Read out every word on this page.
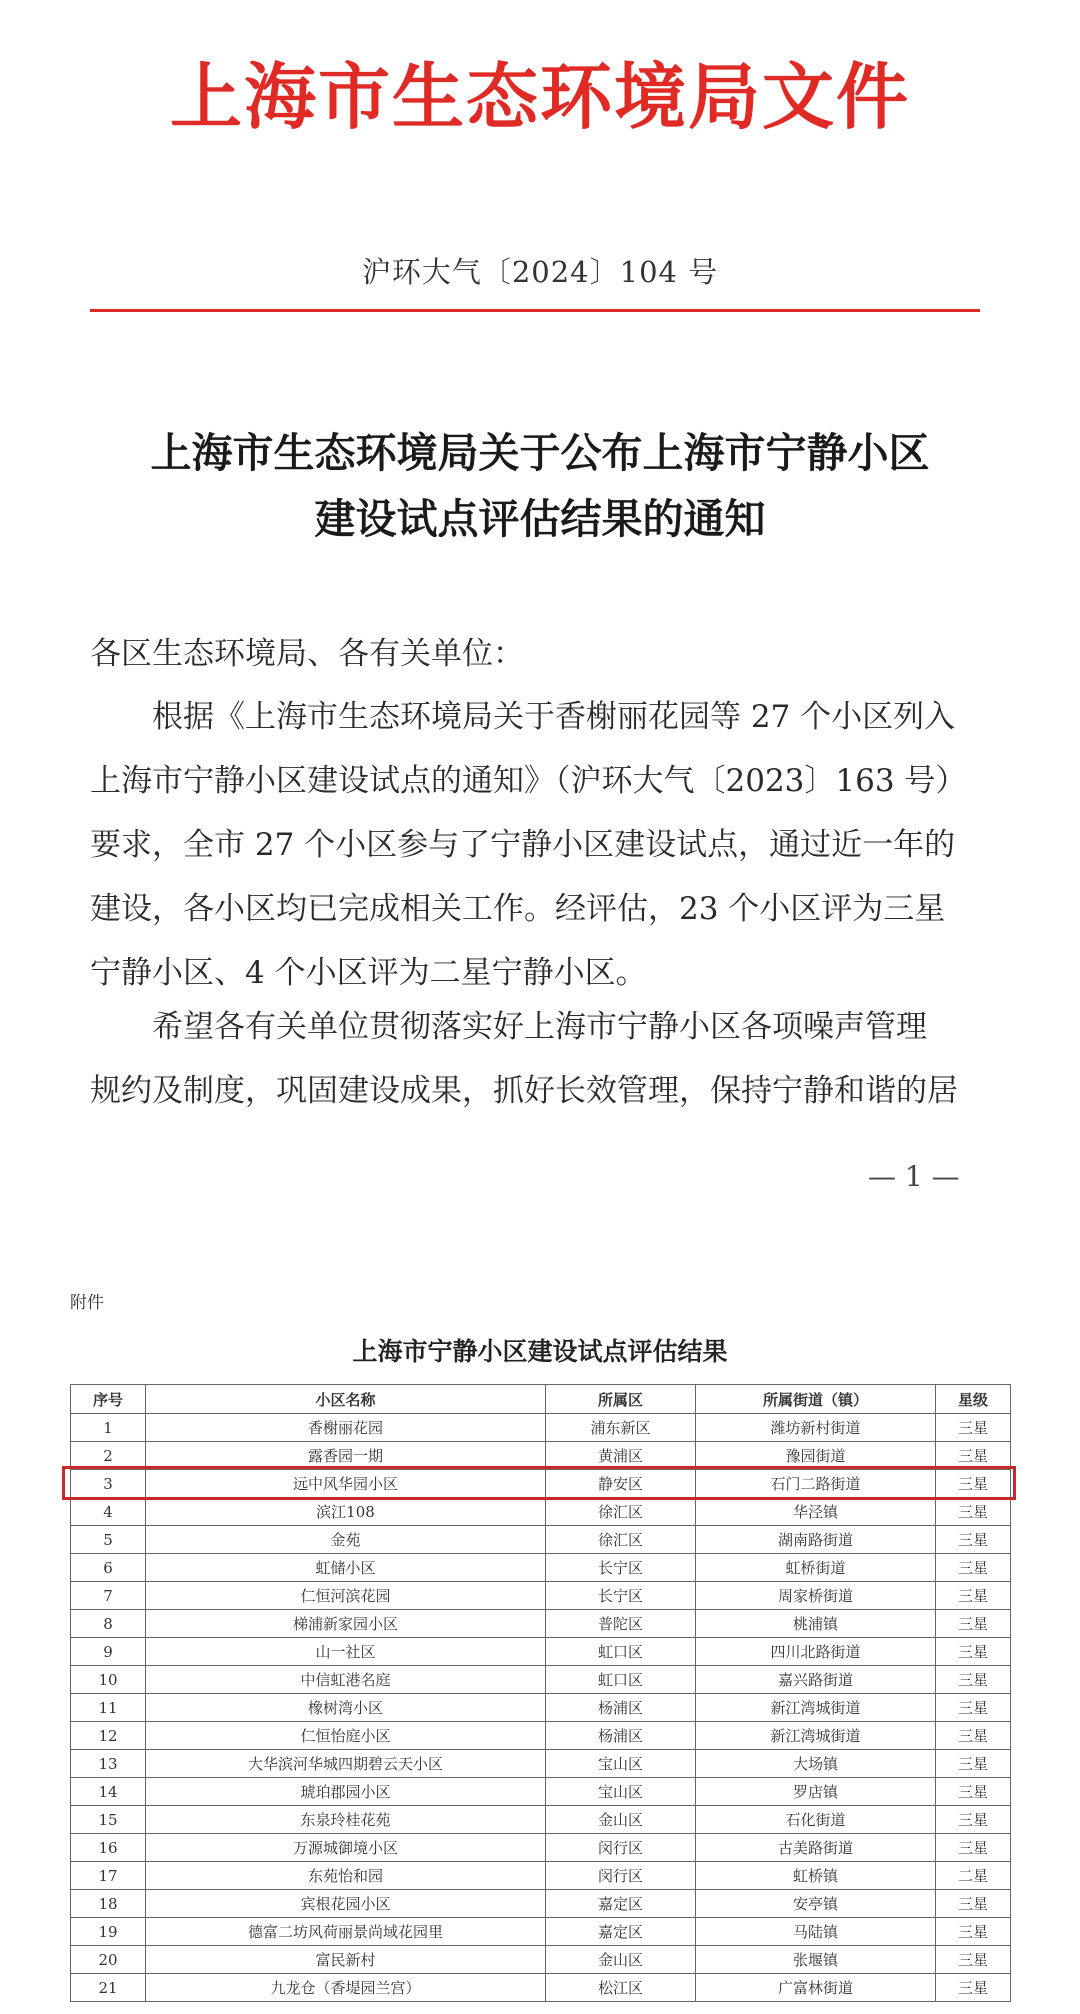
上海市生态环境局文件
沪环大气〔2024〕104 号
上海市生态环境局关于公布上海市宁静小区
建设试点评估结果的通知
各区生态环境局、各有关单位：
根据《上海市生态环境局关于香榭丽花园等 27 个小区列入
上海市宁静小区建设试点的通知》（沪环大气〔2023〕163 号）
要求，全市 27 个小区参与了宁静小区建设试点，通过近一年的
建设，各小区均已完成相关工作。经评估，23 个小区评为三星
宁静小区、4 个小区评为二星宁静小区。
希望各有关单位贯彻落实好上海市宁静小区各项噪声管理
规约及制度，巩固建设成果，抓好长效管理，保持宁静和谐的居
— 1 —
附件
上海市宁静小区建设试点评估结果
序号	小区名称	所属区	所属街道（镇）	星级
1	香榭丽花园	浦东新区	潍坊新村街道	三星
2	露香园一期	黄浦区	豫园街道	三星
3	远中风华园小区	静安区	石门二路街道	三星
4	滨江108	徐汇区	华泾镇	三星
5	金苑	徐汇区	湖南路街道	三星
6	虹储小区	长宁区	虹桥街道	三星
7	仁恒河滨花园	长宁区	周家桥街道	三星
8	梯浦新家园小区	普陀区	桃浦镇	三星
9	山一社区	虹口区	四川北路街道	三星
10	中信虹港名庭	虹口区	嘉兴路街道	三星
11	橡树湾小区	杨浦区	新江湾城街道	三星
12	仁恒怡庭小区	杨浦区	新江湾城街道	三星
13	大华滨河华城四期碧云天小区	宝山区	大场镇	三星
14	琥珀郡园小区	宝山区	罗店镇	三星
15	东泉玲桂花苑	金山区	石化街道	三星
16	万源城御境小区	闵行区	古美路街道	三星
17	东苑怡和园	闵行区	虹桥镇	二星
18	宾根花园小区	嘉定区	安亭镇	三星
19	德富二坊风荷丽景尚域花园里	嘉定区	马陆镇	三星
20	富民新村	金山区	张堰镇	三星
21	九龙仓（香堤园兰宫）	松江区	广富林街道	三星
